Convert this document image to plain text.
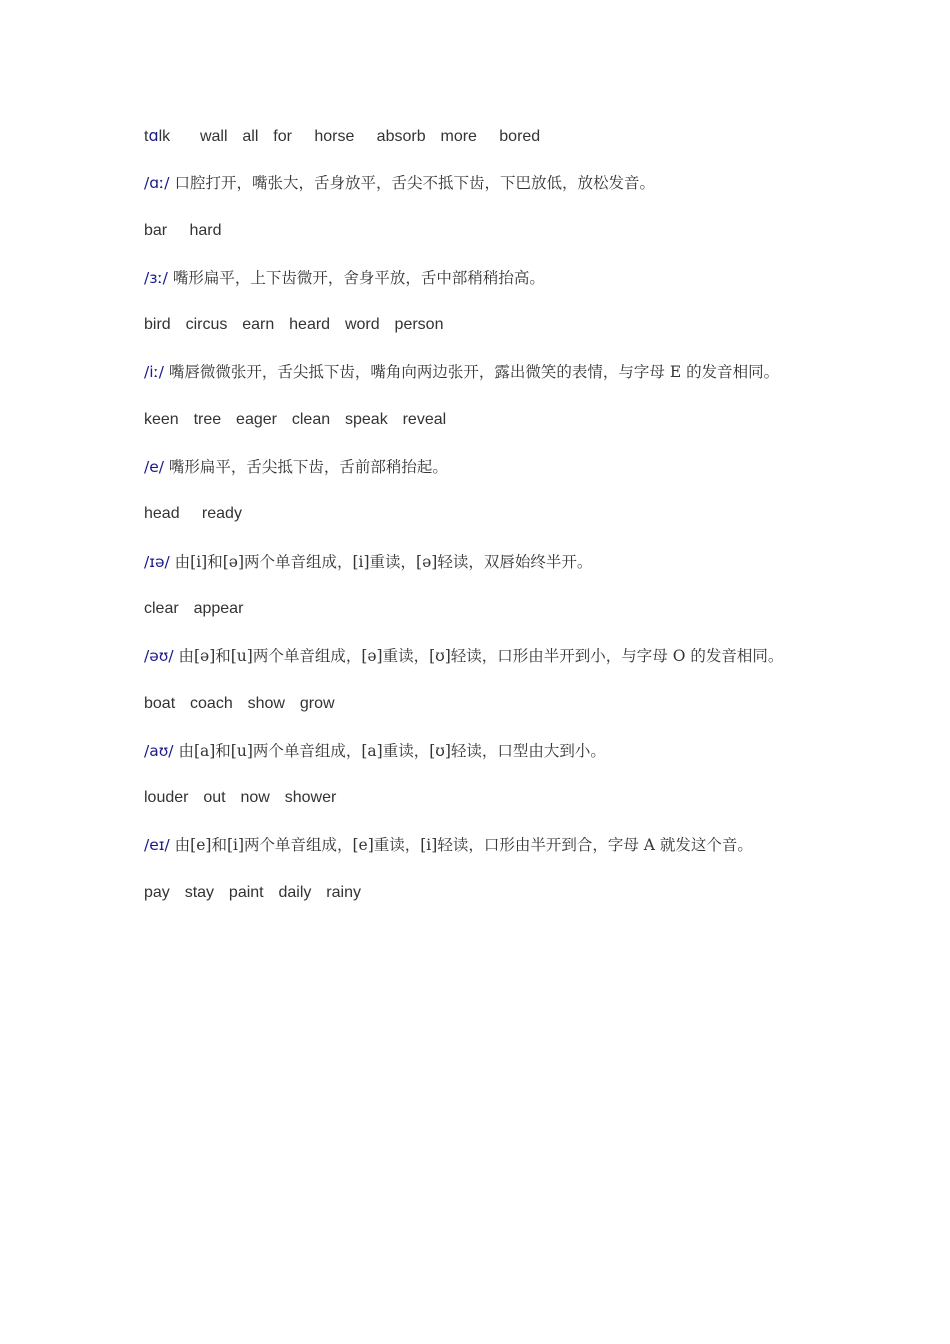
tɑlk    wall  all  for   horse   absorb  more   bored
/ɑː/ 口腔打开，嘴张大，舌身放平，舌尖不抵下齿，下巴放低，放松发音。
bar   hard
/ɜː/ 嘴形扁平，上下齿微开，舍身平放，舌中部稍稍抬高。
bird  circus  earn  heard  word  person
/iː/ 嘴唇微微张开，舌尖抵下齿，嘴角向两边张开，露出微笑的表情，与字母 E 的发音相同。
keen  tree  eager  clean  speak  reveal
/e/ 嘴形扁平，舌尖抵下齿，舌前部稍抬起。
head   ready
/ɪə/ 由[i]和[ə]两个单音组成，[i]重读，[ə]轻读，双唇始终半开。
clear  appear
/əʊ/ 由[ə]和[u]两个单音组成，[ə]重读，[ʊ]轻读，口形由半开到小，与字母 O 的发音相同。
boat  coach  show  grow
/aʊ/ 由[a]和[u]两个单音组成，[a]重读，[ʊ]轻读，口型由大到小。
louder  out  now  shower
/eɪ/ 由[e]和[i]两个单音组成，[e]重读，[i]轻读，口形由半开到合，字母 A 就发这个音。
pay  stay  paint  daily  rainy
